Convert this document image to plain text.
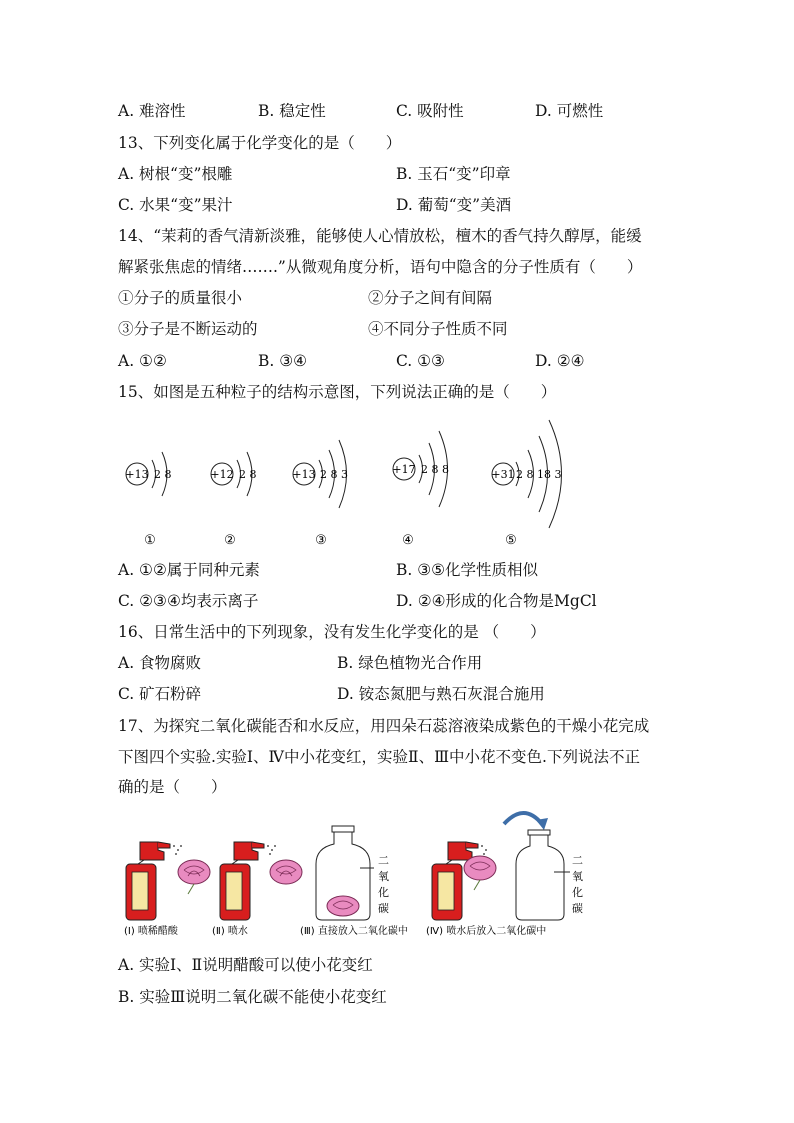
A. 难溶性	B. 稳定性	C. 吸附性	D. 可燃性
13、下列变化属于化学变化的是（　　）
A. 树根“变”根雕	B. 玉石“变”印章
C. 水果“变”果汁	D. 葡萄“变”美酒
14、“茉莉的香气清新淡雅，能够使人心情放松，檀木的香气持久醇厚，能缓
解紧张焦虑的情绪…….”从微观角度分析，语句中隐含的分子性质有（　　）
①分子的质量很小	②分子之间有间隔
③分子是不断运动的	④不同分子性质不同
A. ①②	B. ③④	C. ①③	D. ②④
15、如图是五种粒子的结构示意图，下列说法正确的是（　　）
+13 2 8
①
+12 2 8
②
+13 2 8 3
③
+17 2 8 8
④
+31 2 8 18 3
⑤
A. ①②属于同种元素	B. ③⑤化学性质相似
C. ②③④均表示离子	D. ②④形成的化合物是MgCl
16、日常生活中的下列现象，没有发生化学变化的是 （　　）
A. 食物腐败	B. 绿色植物光合作用
C. 矿石粉碎	D. 铵态氮肥与熟石灰混合施用
17、为探究二氧化碳能否和水反应，用四朵石蕊溶液染成紫色的干燥小花完成
下图四个实验.实验Ⅰ、Ⅳ中小花变红，实验Ⅱ、Ⅲ中小花不变色.下列说法不正
确的是（　　）
(I) 喷稀醋酸	(Ⅱ) 喷水
二
氧
化
碳
(Ⅲ) 直接放入二氧化碳中
二
氧
化
碳
(Ⅳ) 喷水后放入二氧化碳中
A. 实验Ⅰ、Ⅱ说明醋酸可以使小花变红
B. 实验Ⅲ说明二氧化碳不能使小花变红
